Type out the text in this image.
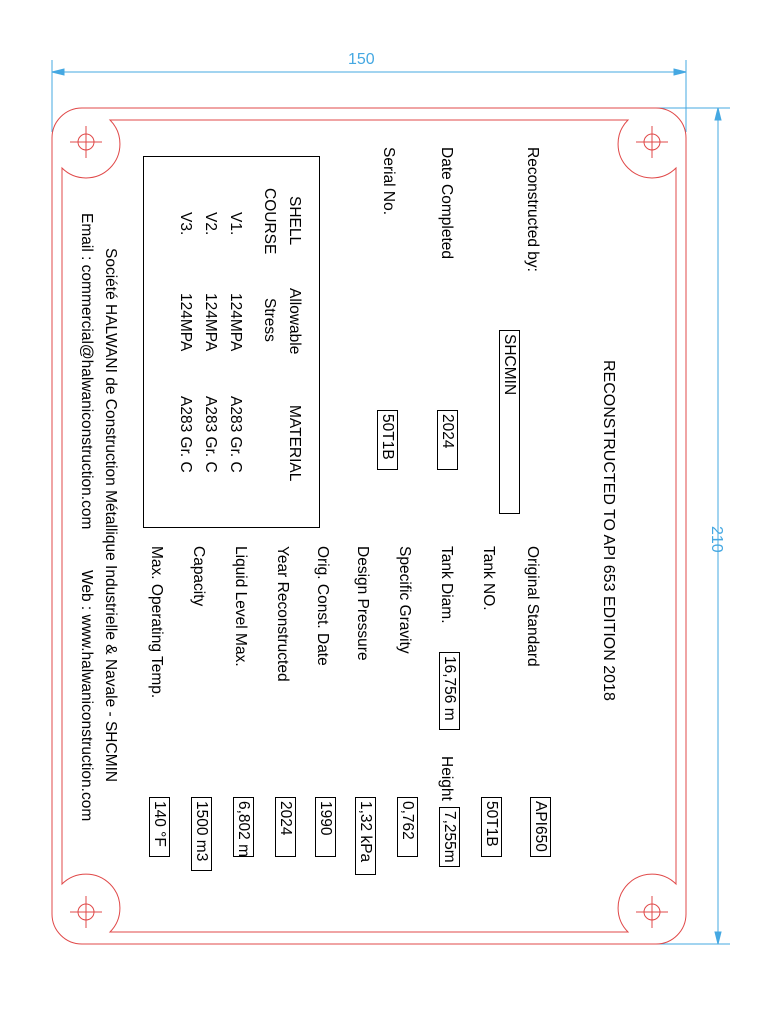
150
210
RECONSTRUCTED TO API 653 EDITION 2018
Reconstructed by:
SHCMIN
Date Completed
2024
Serial No.
50T1B
SHELL
COURSE
Allowable
Stress
MATERIAL
V1.
124MPA
A283 Gr. C
V2.
124MPA
A283 Gr. C
V3.
124MPA
A283 Gr. C
Original Standard
API650
Tank NO.
50T1B
Tank Diam.
16,756 m
Height
7,255m
Specific Gravity
0,762
Design Pressure
1,32 kPa
Orig. Const. Date
1990
Year Reconstructed
2024
Liquid Level Max.
6,802 m
Capacity
1500 m3
Max. Operating Temp.
140 °F
Société HALWANI de Construction Métallique Industrielle & Navale - SHCMIN
Email : commercial@halwaniconstruction.com
Web : www.halwaniconstruction.com
